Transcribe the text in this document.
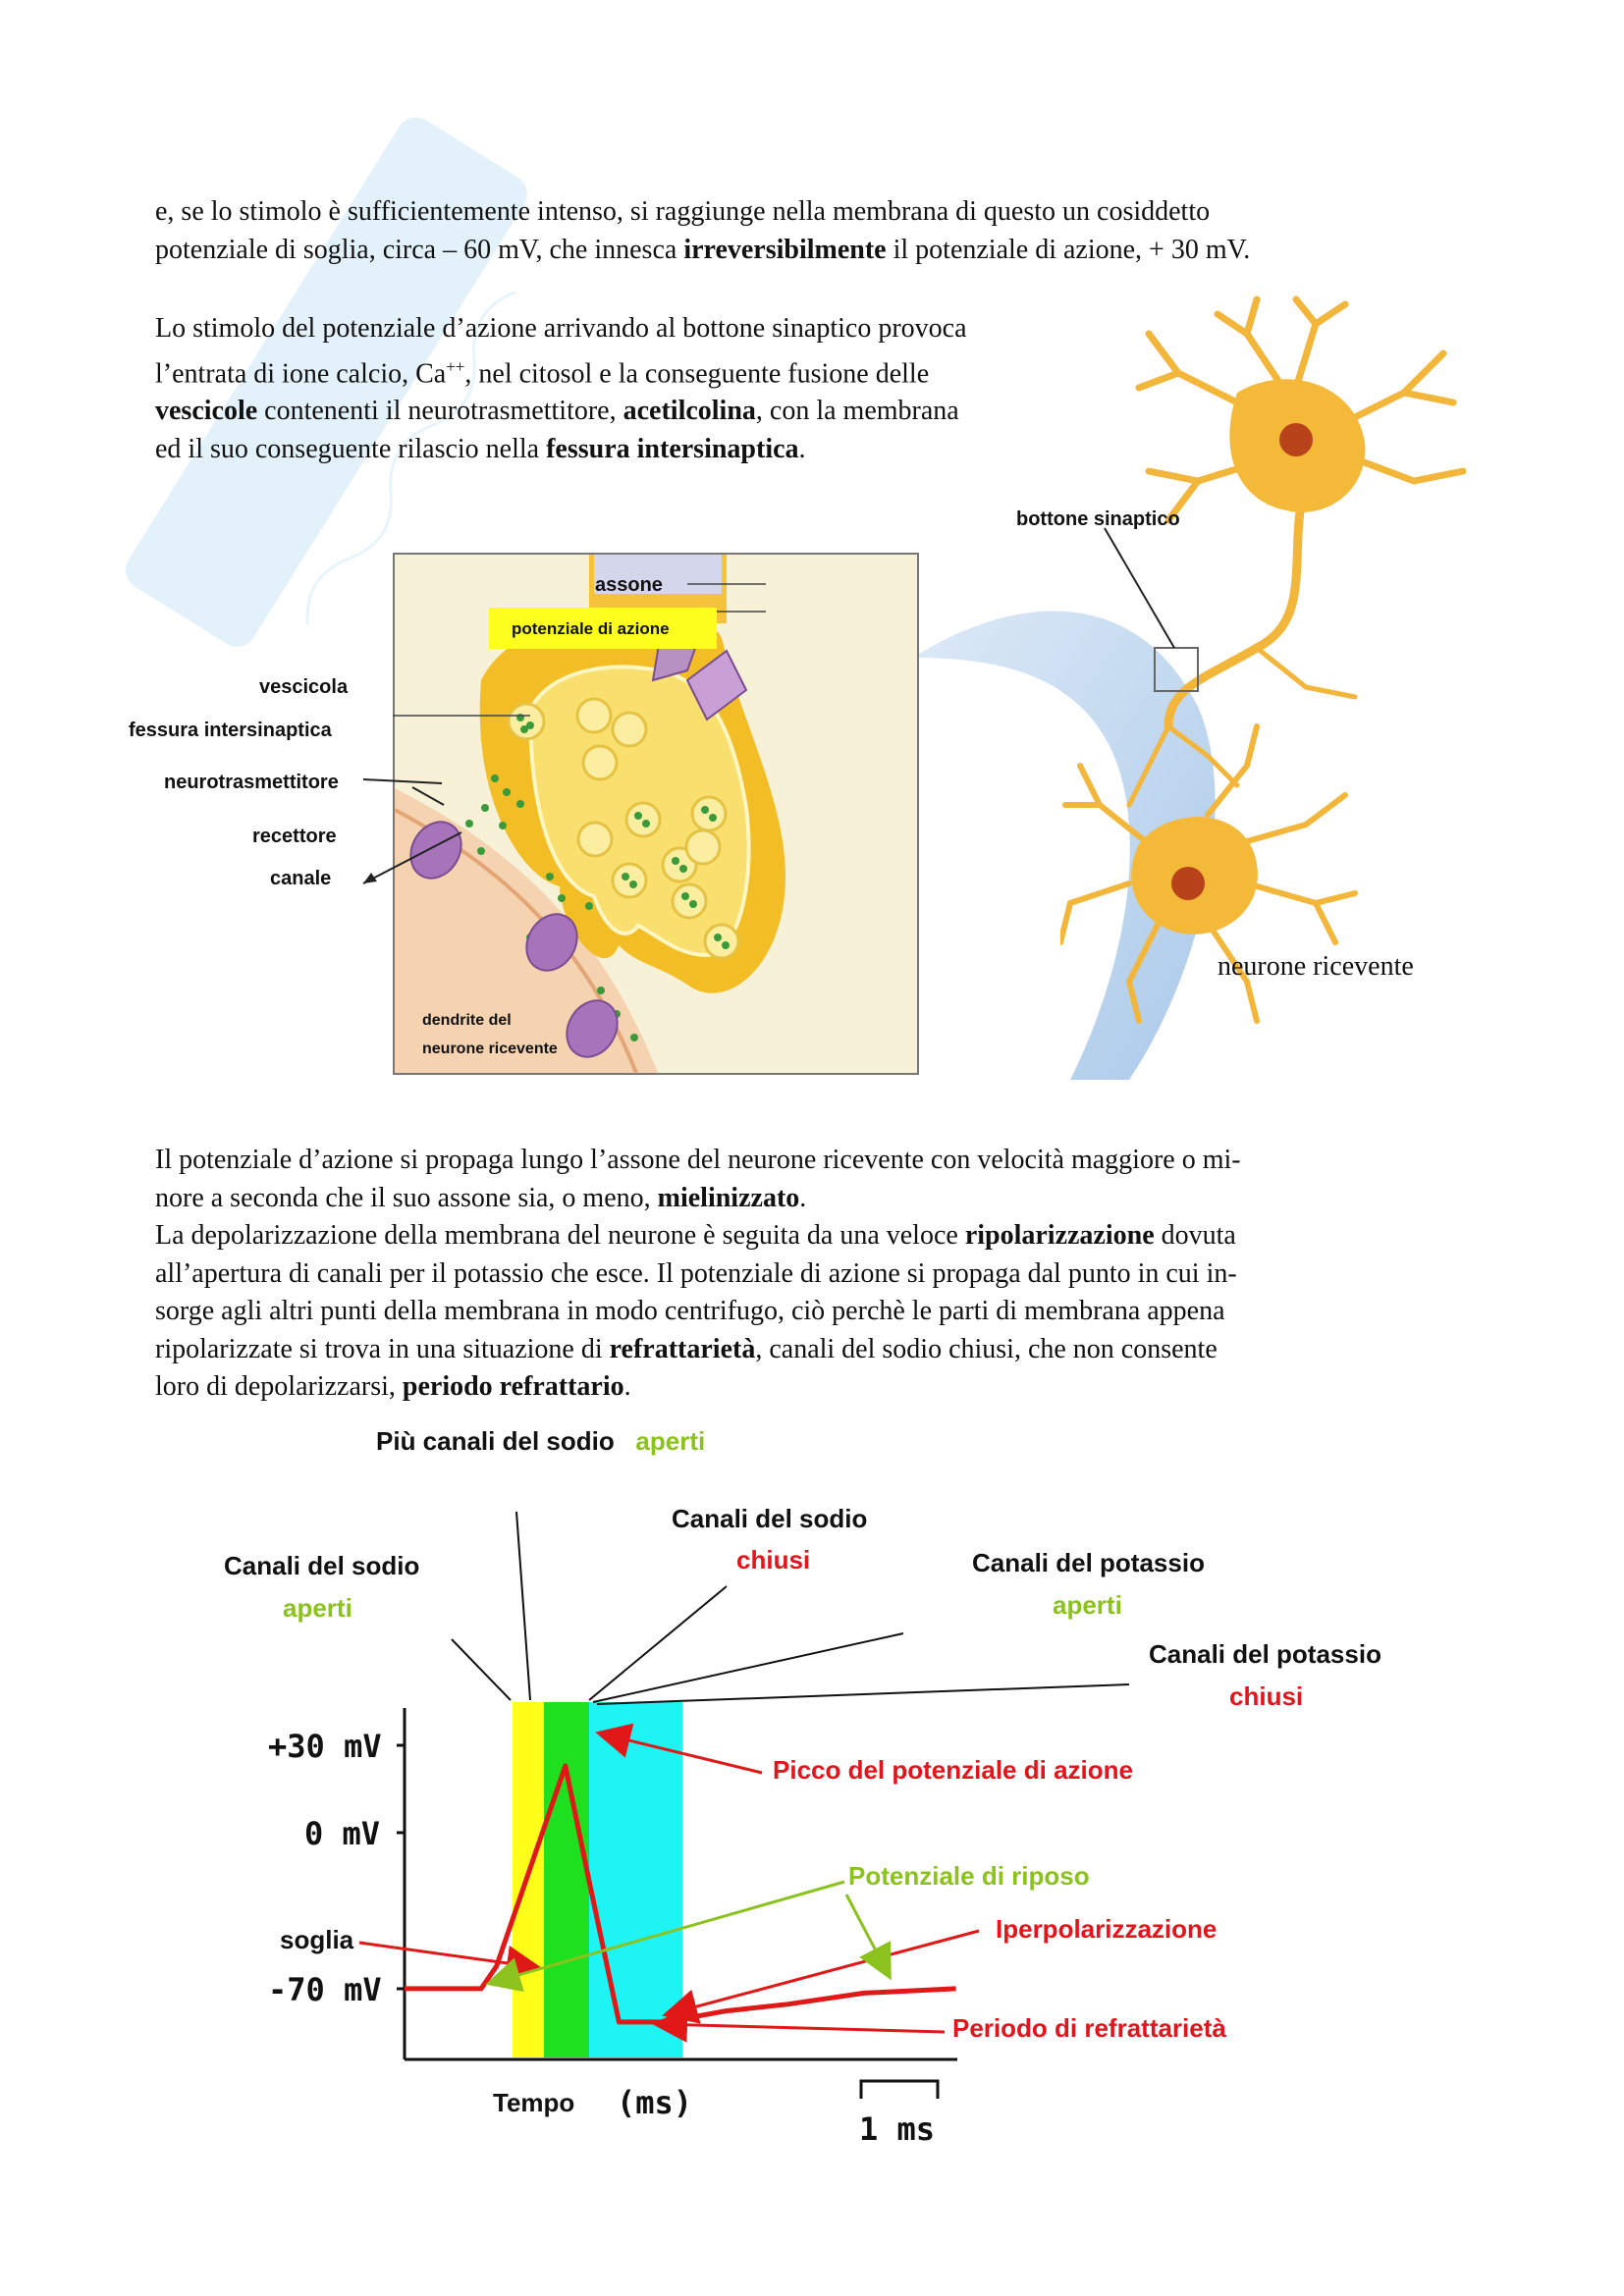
e, se lo stimolo è sufficientemente intenso, si raggiunge nella membrana di questo un cosiddetto
potenziale di soglia, circa – 60 mV, che innesca irreversibilmente il potenziale di azione, + 30 mV.
Lo stimolo del potenziale d’azione arrivando al bottone sinaptico provoca
l’entrata di ione calcio, Ca++, nel citosol e la conseguente fusione delle
vescicole contenenti il neurotrasmettitore, acetilcolina, con la membrana
ed il suo conseguente rilascio nella fessura intersinaptica.
assone
potenziale di azione
vescicola
fessura intersinaptica
neurotrasmettitore
recettore
canale
dendrite del
neurone ricevente
bottone sinaptico
neurone ricevente
Il potenziale d’azione si propaga lungo l’assone del neurone ricevente con velocità maggiore o mi-
nore a seconda che il suo assone sia, o meno, mielinizzato.
La depolarizzazione della membrana del neurone è seguita da una veloce ripolarizzazione dovuta
all’apertura di canali per il potassio che esce. Il potenziale di azione si propaga dal punto in cui in-
sorge agli altri punti della membrana in modo centrifugo, ciò perchè le parti di membrana appena
ripolarizzate si trova in una situazione di refrattarietà, canali del sodio chiusi, che non consente
loro di depolarizzarsi, periodo refrattario.
Più canali del sodio aperti
Canali del sodio
aperti
Canali del sodio
chiusi	Canali del potassio
aperti
Canali del potassio
chiusi
+30 mV
0 mV
-70 mV
Picco del potenziale di azione
Potenziale di riposo
Iperpolarizzazione
Periodo di refrattarietà
soglia
Tempo (ms)
1 ms
